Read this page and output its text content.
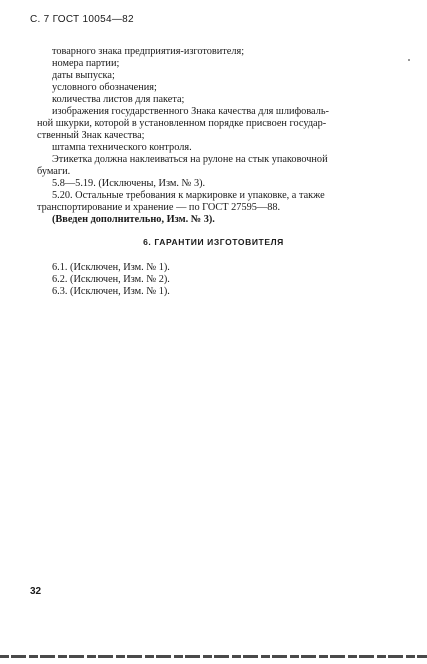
С. 7 ГОСТ 10054—82
товарного знака предприятия-изготовителя;
номера партии;
даты выпуска;
условного обозначения;
количества листов для пакета;
изображения государственного Знака качества для шлифоваль-
ной шкурки, которой в установленном порядке присвоен государ-
ственный Знак качества;
штампа технического контроля.
Этикетка должна наклеиваться на рулоне на стык упаковочной
бумаги.
5.8—5.19. (Исключены, Изм. № 3).
5.20. Остальные требования к маркировке и упаковке, а также
транспортирование и хранение — по ГОСТ 27595—88.
(Введен дополнительно, Изм. № 3).
6. ГАРАНТИИ ИЗГОТОВИТЕЛЯ
6.1. (Исключен, Изм. № 1).
6.2. (Исключен, Изм. № 2).
6.3. (Исключен, Изм. № 1).
32
